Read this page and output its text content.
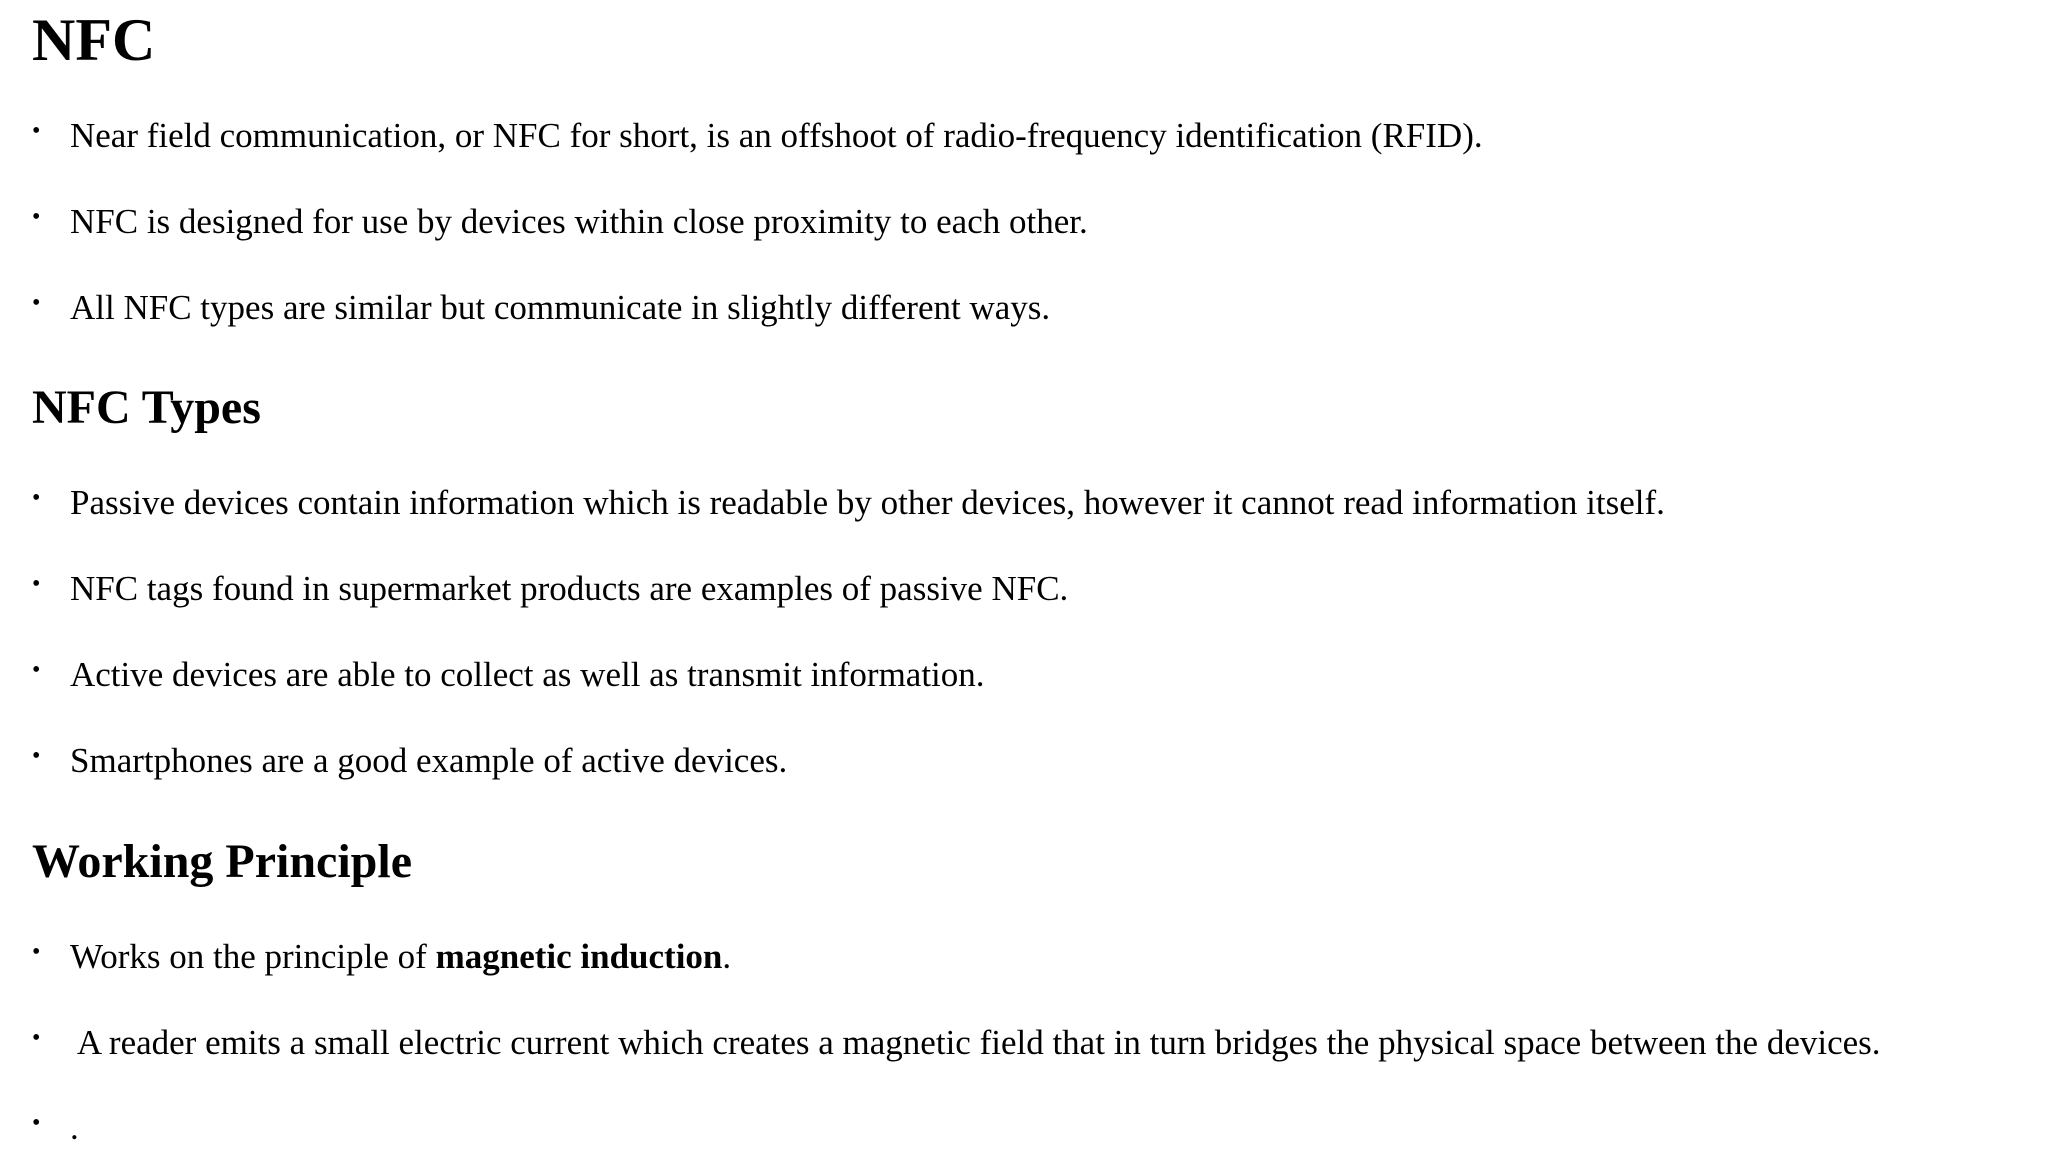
NFC
• Near field communication, or NFC for short, is an offshoot of radio-frequency identification (RFID).
• NFC is designed for use by devices within close proximity to each other.
• All NFC types are similar but communicate in slightly different ways.
NFC Types
• Passive devices contain information which is readable by other devices, however it cannot read information itself.
• NFC tags found in supermarket products are examples of passive NFC.
• Active devices are able to collect as well as transmit information.
• Smartphones are a good example of active devices.
Working Principle
• Works on the principle of magnetic induction.
• A reader emits a small electric current which creates a magnetic field that in turn bridges the physical space between the devices.
• .
